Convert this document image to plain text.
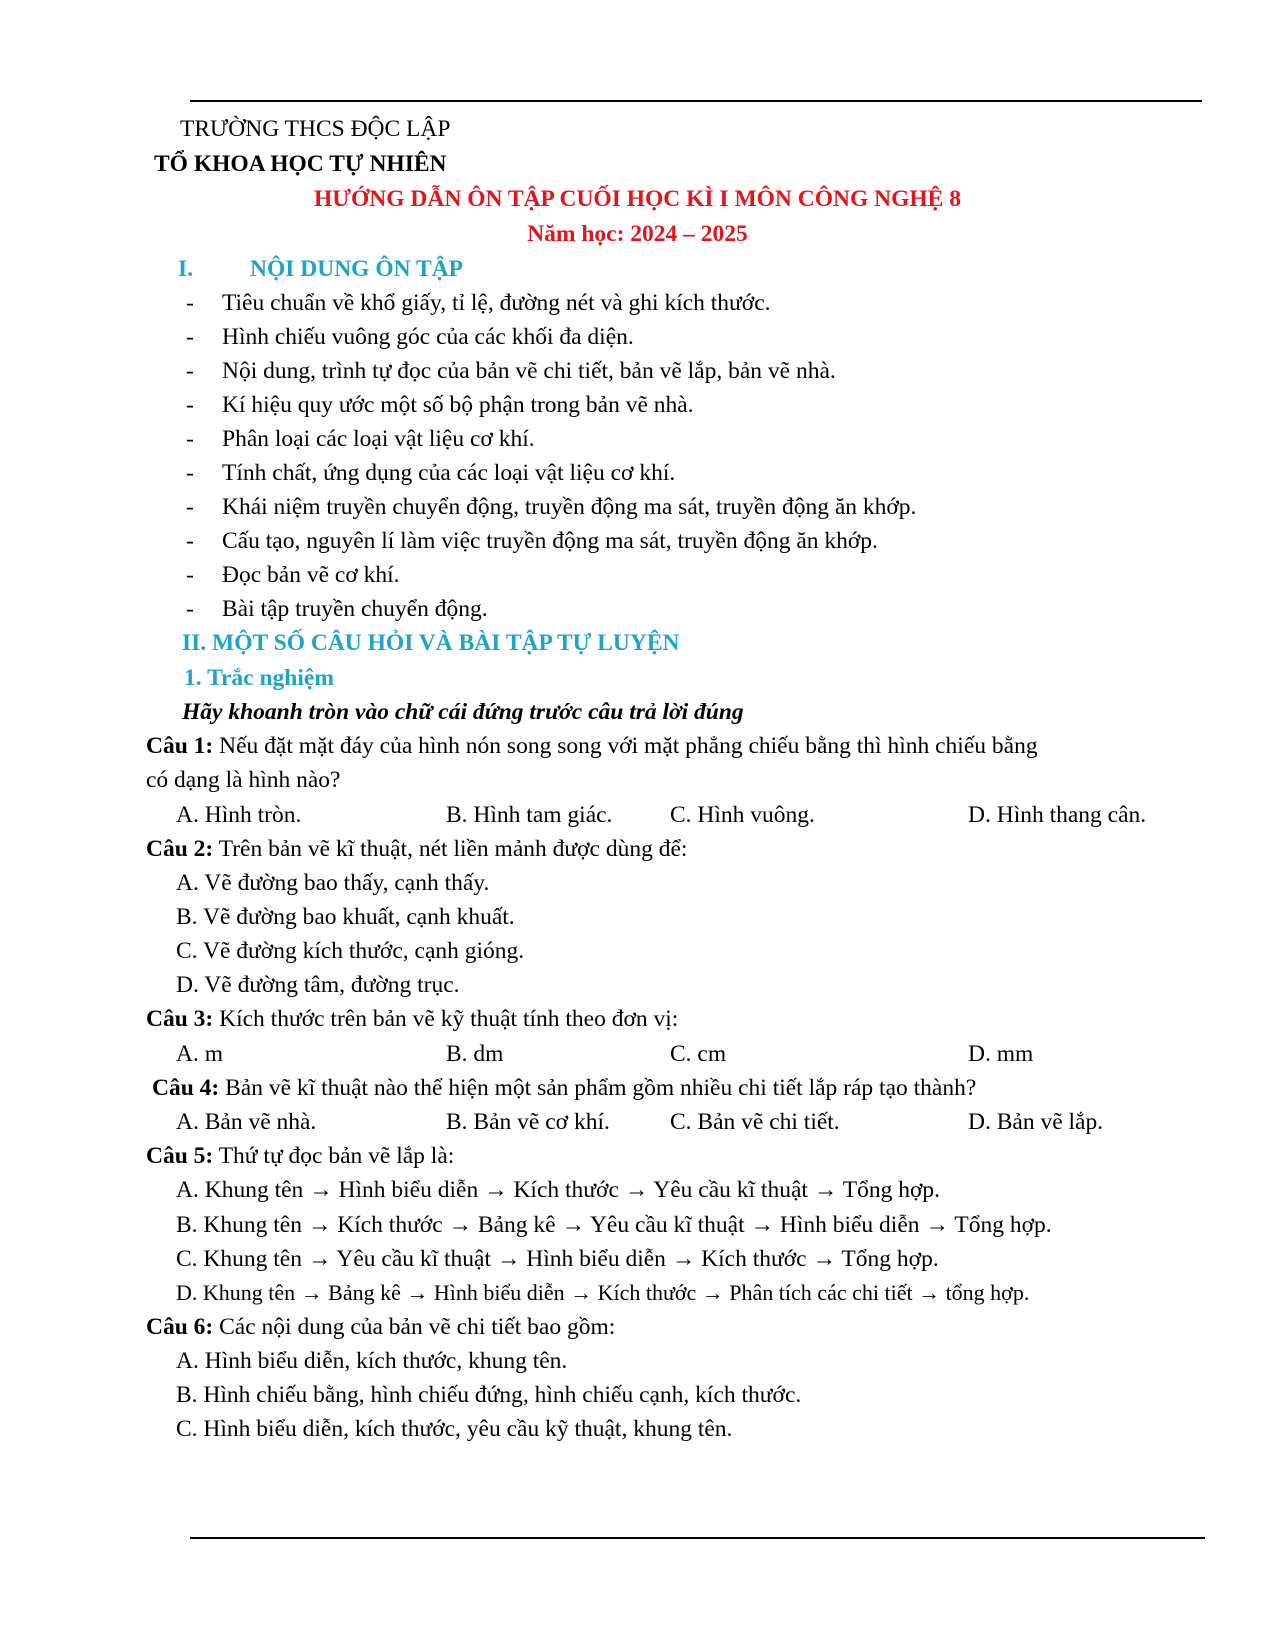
TRƯỜNG THCS ĐỘC LẬP
TỔ KHOA HỌC TỰ NHIÊN
HƯỚNG DẪN ÔN TẬP CUỐI HỌC KÌ I MÔN CÔNG NGHỆ 8
Năm học: 2024 – 2025
I. NỘI DUNG ÔN TẬP
- Tiêu chuẩn về khổ giấy, tỉ lệ, đường nét và ghi kích thước.
- Hình chiếu vuông góc của các khối đa diện.
- Nội dung, trình tự đọc của bản vẽ chi tiết, bản vẽ lắp, bản vẽ nhà.
- Kí hiệu quy ước một số bộ phận trong bản vẽ nhà.
- Phân loại các loại vật liệu cơ khí.
- Tính chất, ứng dụng của các loại vật liệu cơ khí.
- Khái niệm truyền chuyển động, truyền động ma sát, truyền động ăn khớp.
- Cấu tạo, nguyên lí làm việc truyền động ma sát, truyền động ăn khớp.
- Đọc bản vẽ cơ khí.
- Bài tập truyền chuyển động.
II. MỘT SỐ CÂU HỎI VÀ BÀI TẬP TỰ LUYỆN
1. Trắc nghiệm
Hãy khoanh tròn vào chữ cái đứng trước câu trả lời đúng
Câu 1: Nếu đặt mặt đáy của hình nón song song với mặt phẳng chiếu bằng thì hình chiếu bằng
có dạng là hình nào?
A. Hình tròn.	B. Hình tam giác. C. Hình vuông.	D. Hình thang cân.
Câu 2: Trên bản vẽ kĩ thuật, nét liền mảnh được dùng để:
A. Vẽ đường bao thấy, cạnh thấy.
B. Vẽ đường bao khuất, cạnh khuất.
C. Vẽ đường kích thước, cạnh gióng.
D. Vẽ đường tâm, đường trục.
Câu 3: Kích thước trên bản vẽ kỹ thuật tính theo đơn vị:
A. m	B. dm	C. cm	D. mm
Câu 4: Bản vẽ kĩ thuật nào thể hiện một sản phẩm gồm nhiều chi tiết lắp ráp tạo thành?
A. Bản vẽ nhà.	B. Bản vẽ cơ khí.	C. Bản vẽ chi tiết.	D. Bản vẽ lắp.
Câu 5: Thứ tự đọc bản vẽ lắp là:
A. Khung tên → Hình biểu diễn → Kích thước → Yêu cầu kĩ thuật → Tổng hợp.
B. Khung tên → Kích thước → Bảng kê → Yêu cầu kĩ thuật → Hình biểu diễn → Tổng hợp.
C. Khung tên → Yêu cầu kĩ thuật → Hình biểu diễn → Kích thước → Tổng hợp.
D. Khung tên → Bảng kê → Hình biểu diễn → Kích thước → Phân tích các chi tiết → tổng hợp.
Câu 6: Các nội dung của bản vẽ chi tiết bao gồm:
A. Hình biểu diễn, kích thước, khung tên.
B. Hình chiếu bằng, hình chiếu đứng, hình chiếu cạnh, kích thước.
C. Hình biểu diễn, kích thước, yêu cầu kỹ thuật, khung tên.
